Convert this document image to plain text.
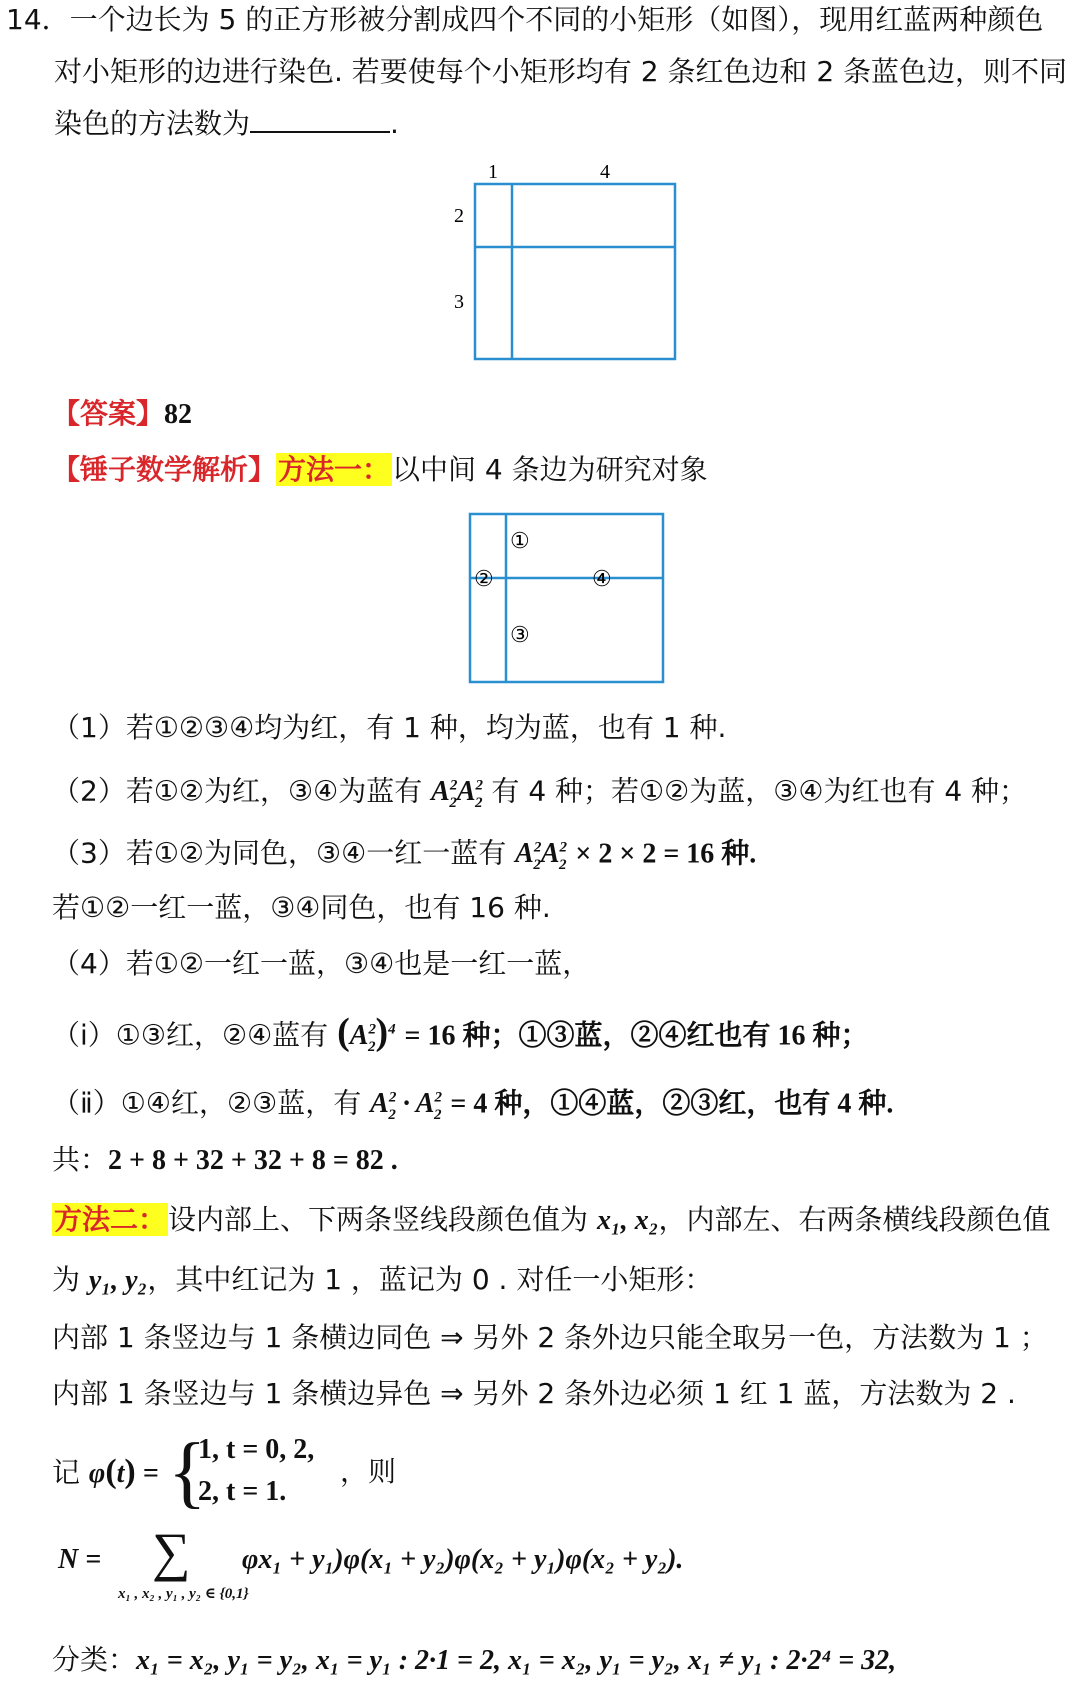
14．一个边长为 5 的正方形被分割成四个不同的小矩形（如图），现用红蓝两种颜色
对小矩形的边进行染色. 若要使每个小矩形均有 2 条红色边和 2 条蓝色边，则不同
染色的方法数为	.
1	4
2
3
【答案】82
【锤子数学解析】方法一：以中间 4 条边为研究对象
①
②
③
④
（1）若①②③④均为红，有 1 种，均为蓝，也有 1 种.
（2）若①②为红，③④为蓝有 $A^2_2A^2_2$ 有 4 种；若①②为蓝，③④为红也有 4 种；
（3）若①②为同色，③④一红一蓝有 $A^2_2A^2_2 \times 2 \times 2 = 16$ 种.
若①②一红一蓝，③④同色，也有 16 种.
（4）若①②一红一蓝，③④也是一红一蓝，
（ⅰ）①③红，②④蓝有 $(A^2_2)^4 = 16$ 种；①③蓝，②④红也有 16 种；
（ⅱ）①④红，②③蓝，有 $A^2_2 \cdot A^2_2 = 4$ 种，①④蓝，②③红，也有 4 种.
共：2 + 8 + 32 + 32 + 8 = 82 .
方法二：设内部上、下两条竖线段颜色值为 x₁, x₂，内部左、右两条横线段颜色值
为 y₁, y₂，其中红记为 1 ，蓝记为 0 . 对任一小矩形：
内部 1 条竖边与 1 条横边同色 ⇒ 另外 2 条外边只能全取另一色，方法数为 1 ；
内部 1 条竖边与 1 条横边异色 ⇒ 另外 2 条外边必须 1 红 1 蓝，方法数为 2 .
记 φ(t) = {
1, t = 0, 2,
2, t = 1.
，则
N = ∑
x₁ , x₂ , y₁ , y₂ ∈ {0,1}
φx₁ + y₁)φ(x₁ + y₂)φ(x₂ + y₁)φ(x₂ + y₂).
分类：x₁ = x₂, y₁ = y₂, x₁ = y₁ : 2·1 = 2, x₁ = x₂, y₁ = y₂, x₁ ≠ y₁ : 2·2⁴ = 32,
